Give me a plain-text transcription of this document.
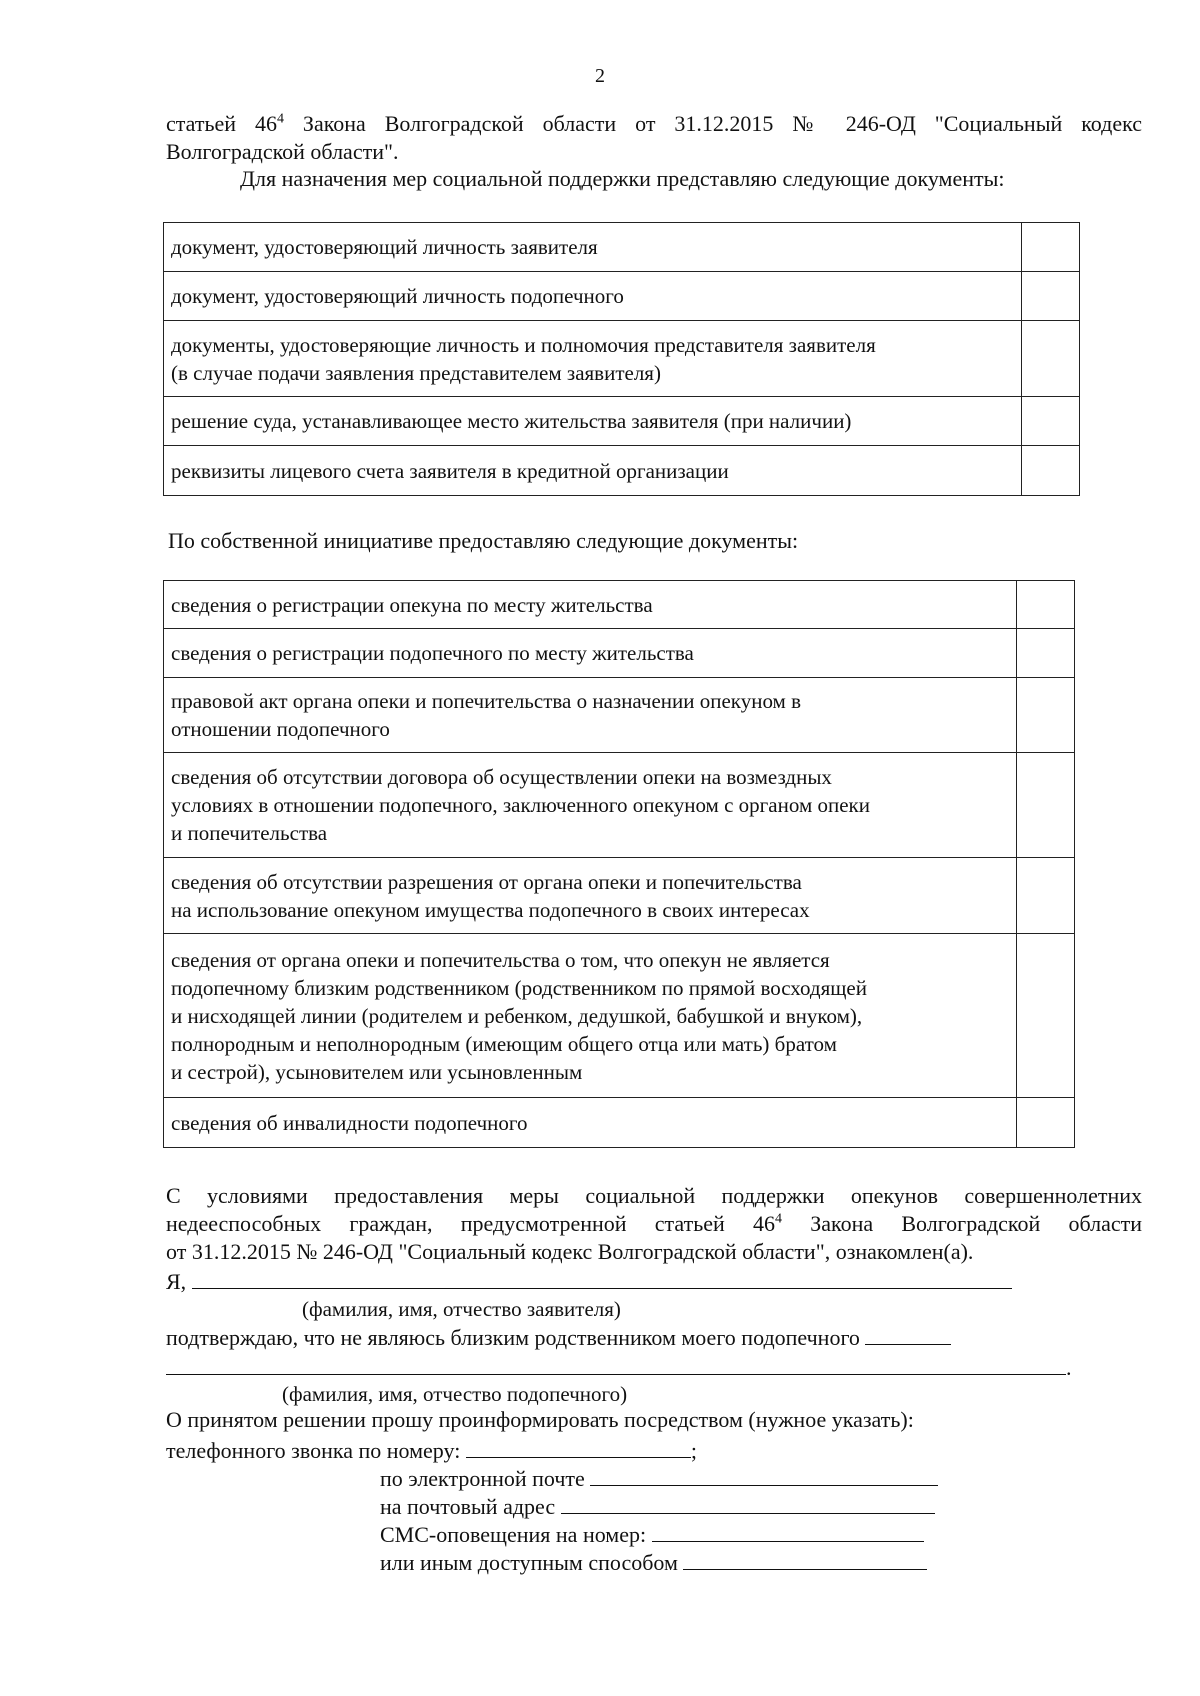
2
статьей $46^4$ Закона Волгоградской области от 31.12.2015 № 246-ОД "Социальный кодекс
Волгоградской области".
Для назначения мер социальной поддержки представляю следующие документы:
документ, удостоверяющий личность заявителя	

документ, удостоверяющий личность подопечного	

документы, удостоверяющие личность и полномочия представителя заявителя
(в случае подачи заявления представителем заявителя)	

решение суда, устанавливающее место жительства заявителя (при наличии)	

реквизиты лицевого счета заявителя в кредитной организации	

По собственной инициативе предоставляю следующие документы:
сведения о регистрации опекуна по месту жительства	

сведения о регистрации подопечного по месту жительства	

правовой акт органа опеки и попечительства о назначении опекуном в
отношении подопечного	

сведения об отсутствии договора об осуществлении опеки на возмездных
условиях в отношении подопечного, заключенного опекуном с органом опеки
и попечительства	

сведения об отсутствии разрешения от органа опеки и попечительства
на использование опекуном имущества подопечного в своих интересах	

сведения от органа опеки и попечительства о том, что опекун не является
подопечному близким родственником (родственником по прямой восходящей
и нисходящей линии (родителем и ребенком, дедушкой, бабушкой и внуком),
полнородным и неполнородным (имеющим общего отца или мать) братом
и сестрой), усыновителем или усыновленным	

сведения об инвалидности подопечного	

С условиями предоставления меры социальной поддержки опекунов совершеннолетних
недееспособных граждан, предусмотренной статьей $46^4$ Закона Волгоградской области
от 31.12.2015 № 246-ОД "Социальный кодекс Волгоградской области", ознакомлен(а).
Я,
(фамилия, имя, отчество заявителя)
подтверждаю, что не являюсь близким родственником моего подопечного
.
(фамилия, имя, отчество подопечного)
О принятом решении прошу проинформировать посредством (нужное указать):
телефонного звонка по номеру:	;
по электронной почте
на почтовый адрес
СМС-оповещения на номер:
или иным доступным способом
